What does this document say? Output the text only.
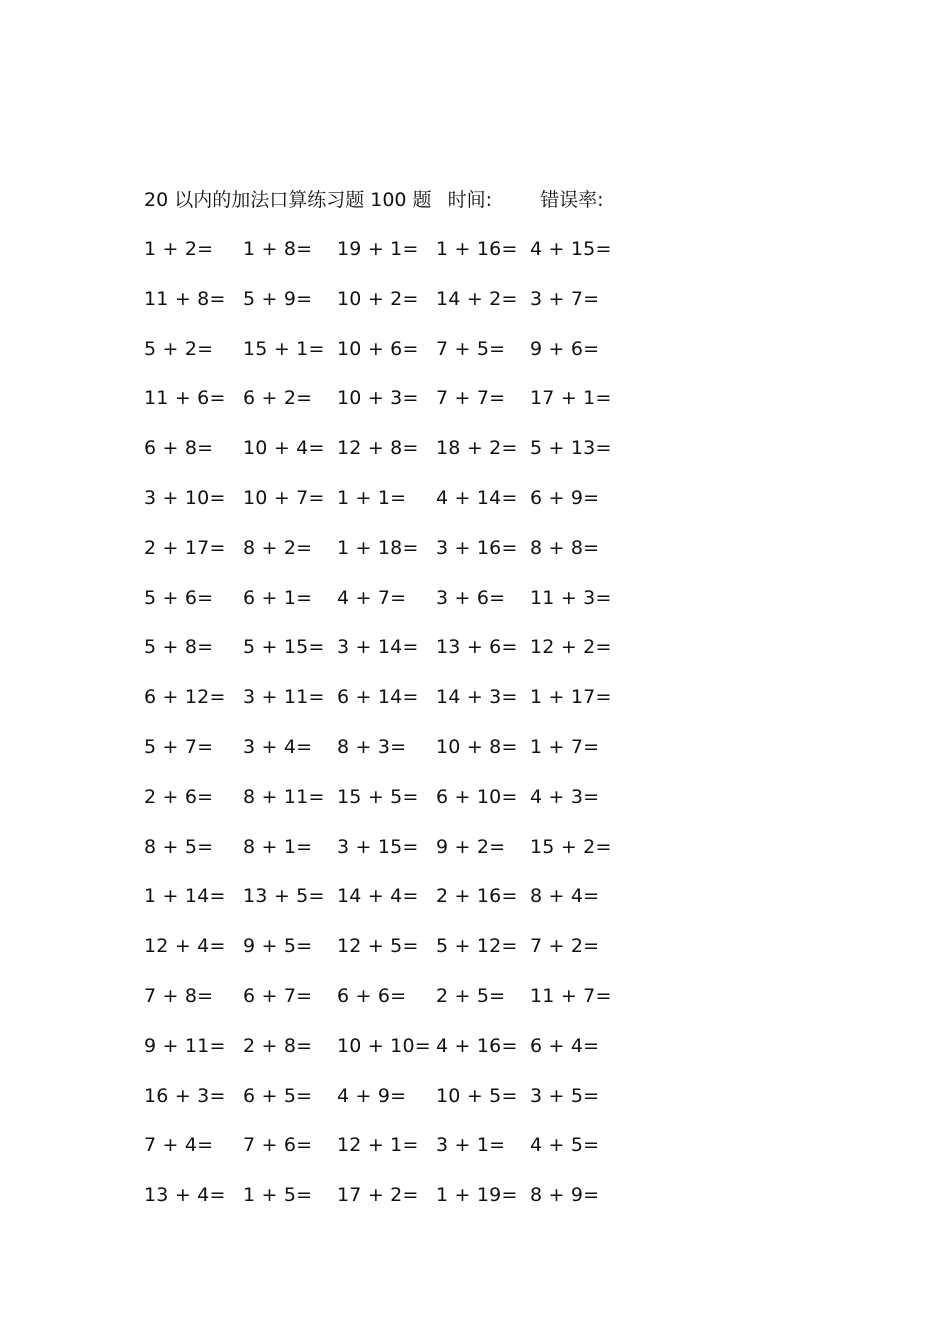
20 以内的加法口算练习题 100 题 时间:	错误率:
1 + 2= 1 + 8= 19 + 1= 1 + 16= 4 + 15=
11 + 8= 5 + 9= 10 + 2= 14 + 2= 3 + 7=
5 + 2= 15 + 1= 10 + 6= 7 + 5= 9 + 6=
11 + 6= 6 + 2= 10 + 3= 7 + 7= 17 + 1=
6 + 8= 10 + 4= 12 + 8= 18 + 2= 5 + 13=
3 + 10= 10 + 7= 1 + 1= 4 + 14= 6 + 9=
2 + 17= 8 + 2= 1 + 18= 3 + 16= 8 + 8=
5 + 6= 6 + 1= 4 + 7= 3 + 6= 11 + 3=
5 + 8= 5 + 15= 3 + 14= 13 + 6= 12 + 2=
6 + 12= 3 + 11= 6 + 14= 14 + 3= 1 + 17=
5 + 7= 3 + 4= 8 + 3= 10 + 8= 1 + 7=
2 + 6= 8 + 11= 15 + 5= 6 + 10= 4 + 3=
8 + 5= 8 + 1= 3 + 15= 9 + 2= 15 + 2=
1 + 14= 13 + 5= 14 + 4= 2 + 16= 8 + 4=
12 + 4= 9 + 5= 12 + 5= 5 + 12= 7 + 2=
7 + 8= 6 + 7= 6 + 6= 2 + 5= 11 + 7=
9 + 11= 2 + 8= 10 + 10= 4 + 16= 6 + 4=
16 + 3= 6 + 5= 4 + 9= 10 + 5= 3 + 5=
7 + 4= 7 + 6= 12 + 1= 3 + 1= 4 + 5=
13 + 4= 1 + 5= 17 + 2= 1 + 19= 8 + 9=
